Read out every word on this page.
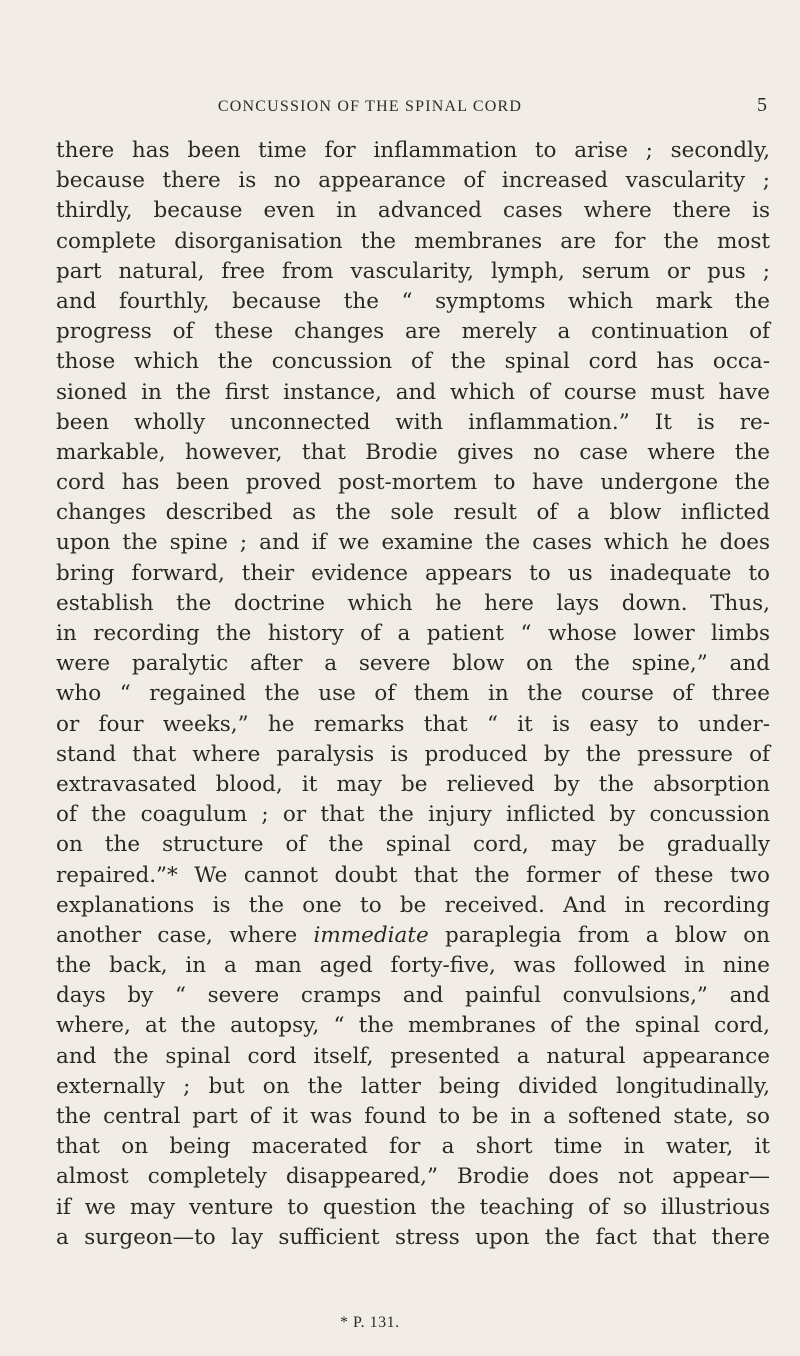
CONCUSSION OF THE SPINAL CORD	5
there has been time for inflammation to arise ; secondly,
because there is no appearance of increased vascularity ;
thirdly, because even in advanced cases where there is
complete disorganisation the membranes are for the most
part natural, free from vascularity, lymph, serum or pus ;
and fourthly, because the “ symptoms which mark the
progress of these changes are merely a continuation of
those which the concussion of the spinal cord has occa-
sioned in the first instance, and which of course must have
been wholly unconnected with inflammation.” It is re-
markable, however, that Brodie gives no case where the
cord has been proved post-mortem to have undergone the
changes described as the sole result of a blow inflicted
upon the spine ; and if we examine the cases which he does
bring forward, their evidence appears to us inadequate to
establish the doctrine which he here lays down. Thus,
in recording the history of a patient “ whose lower limbs
were paralytic after a severe blow on the spine,” and
who “ regained the use of them in the course of three
or four weeks,” he remarks that “ it is easy to under-
stand that where paralysis is produced by the pressure of
extravasated blood, it may be relieved by the absorption
of the coagulum ; or that the injury inflicted by concussion
on the structure of the spinal cord, may be gradually
repaired.”* We cannot doubt that the former of these two
explanations is the one to be received. And in recording
another case, where immediate paraplegia from a blow on
the back, in a man aged forty-five, was followed in nine
days by “ severe cramps and painful convulsions,” and
where, at the autopsy, “ the membranes of the spinal cord,
and the spinal cord itself, presented a natural appearance
externally ; but on the latter being divided longitudinally,
the central part of it was found to be in a softened state, so
that on being macerated for a short time in water, it
almost completely disappeared,” Brodie does not appear—
if we may venture to question the teaching of so illustrious
a surgeon—to lay sufficient stress upon the fact that there
* P. 131.
